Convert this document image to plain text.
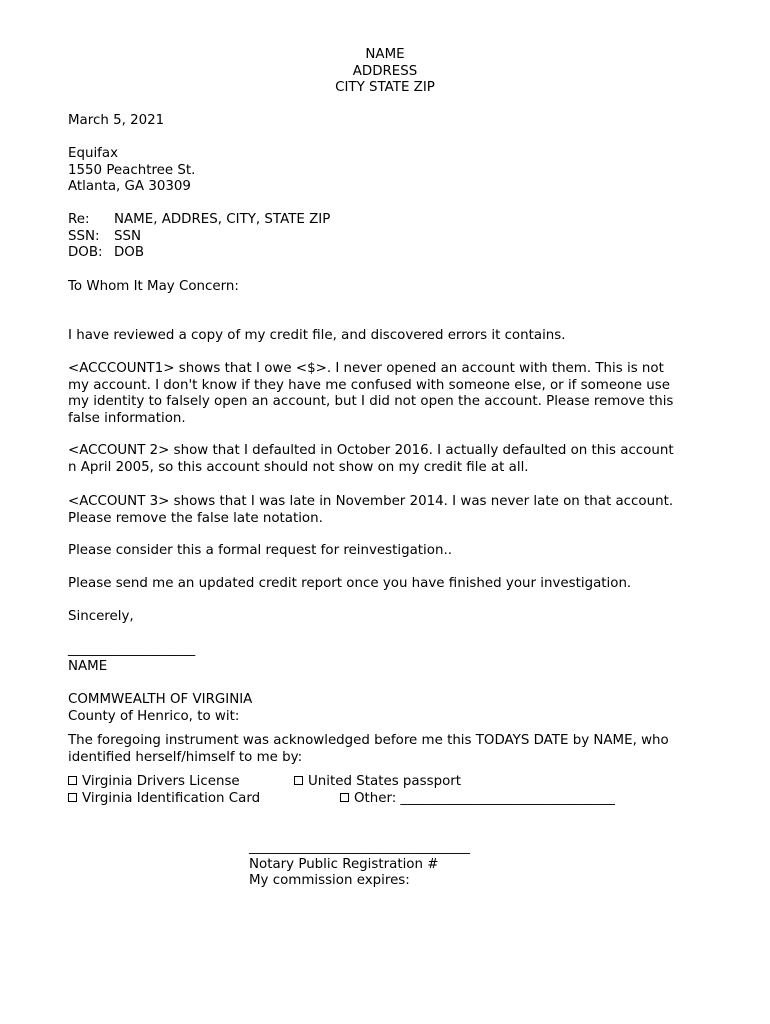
NAME
ADDRESS
CITY STATE ZIP
March 5, 2021
Equifax
1550 Peachtree St.
Atlanta, GA 30309
Re: NAME, ADDRES, CITY, STATE ZIP
SSN: SSN
DOB: DOB
To Whom It May Concern:
I have reviewed a copy of my credit file, and discovered errors it contains.
<ACCCOUNT1> shows that I owe <$>. I never opened an account with them. This is not
my account. I don't know if they have me confused with someone else, or if someone use
my identity to falsely open an account, but I did not open the account. Please remove this
false information.
<ACCOUNT 2> show that I defaulted in October 2016. I actually defaulted on this account
n April 2005, so this account should not show on my credit file at all.
<ACCOUNT 3> shows that I was late in November 2014. I was never late on that account.
Please remove the false late notation.
Please consider this a formal request for reinvestigation..
Please send me an updated credit report once you have finished your investigation.
Sincerely,
___________________
NAME
COMMWEALTH OF VIRGINIA
County of Henrico, to wit:
The foregoing instrument was acknowledged before me this TODAYS DATE by NAME, who
identified herself/himself to me by:
Virginia Drivers License	United States passport
Virginia Identification Card	Other: ________________________________
_________________________________
Notary Public Registration #
My commission expires:
